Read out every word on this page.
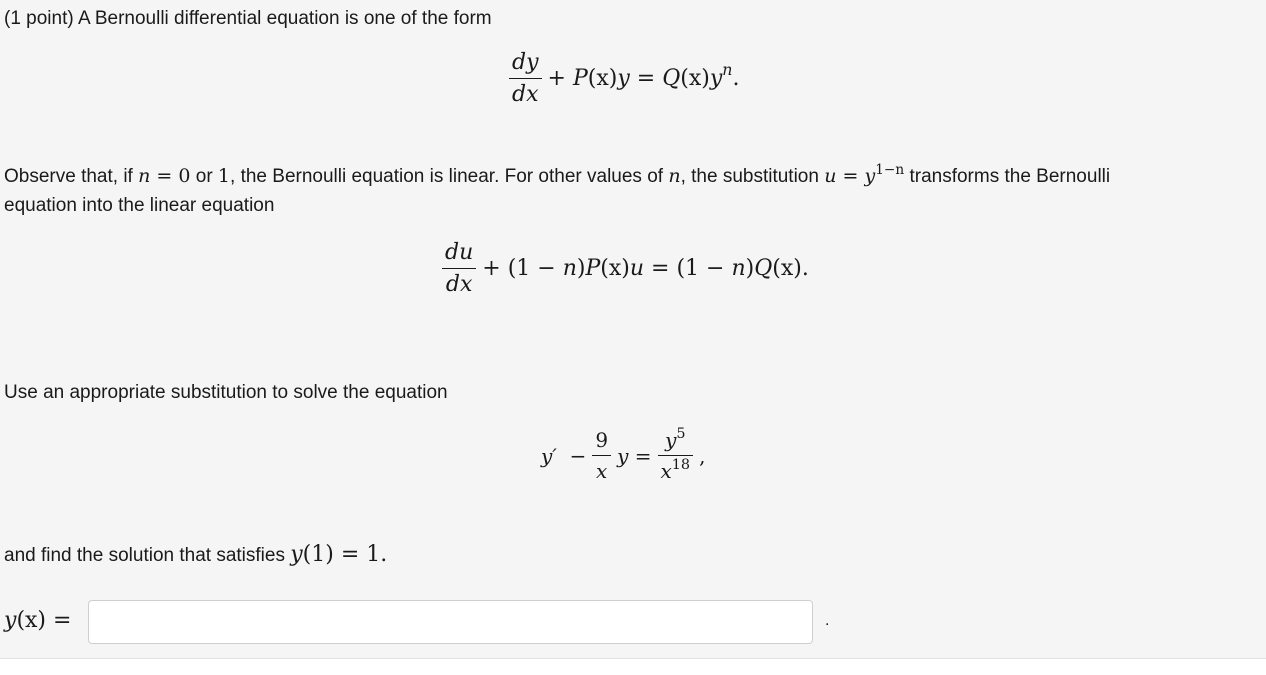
(1 point) A Bernoulli differential equation is one of the form
$\frac{dy}{dx}$ +
P (x) y
=
Q (x) y n .
Observe that, if n = 0 or 1, the Bernoulli equation is linear. For other values of n, the substitution $u = y^{1-n}$ transforms the Bernoulli
equation into the linear equation
$\frac{du}{dx} + (1 - n$ ) P (x) u = (1 − n ) Q (x) .
Use an appropriate substitution to solve the equation
y′
− $\frac{9}{x}$ y
= $\frac{y^5}{x^{18}}$ ,
and find the solution that satisfies y(1) = 1.
y(x) =	.
